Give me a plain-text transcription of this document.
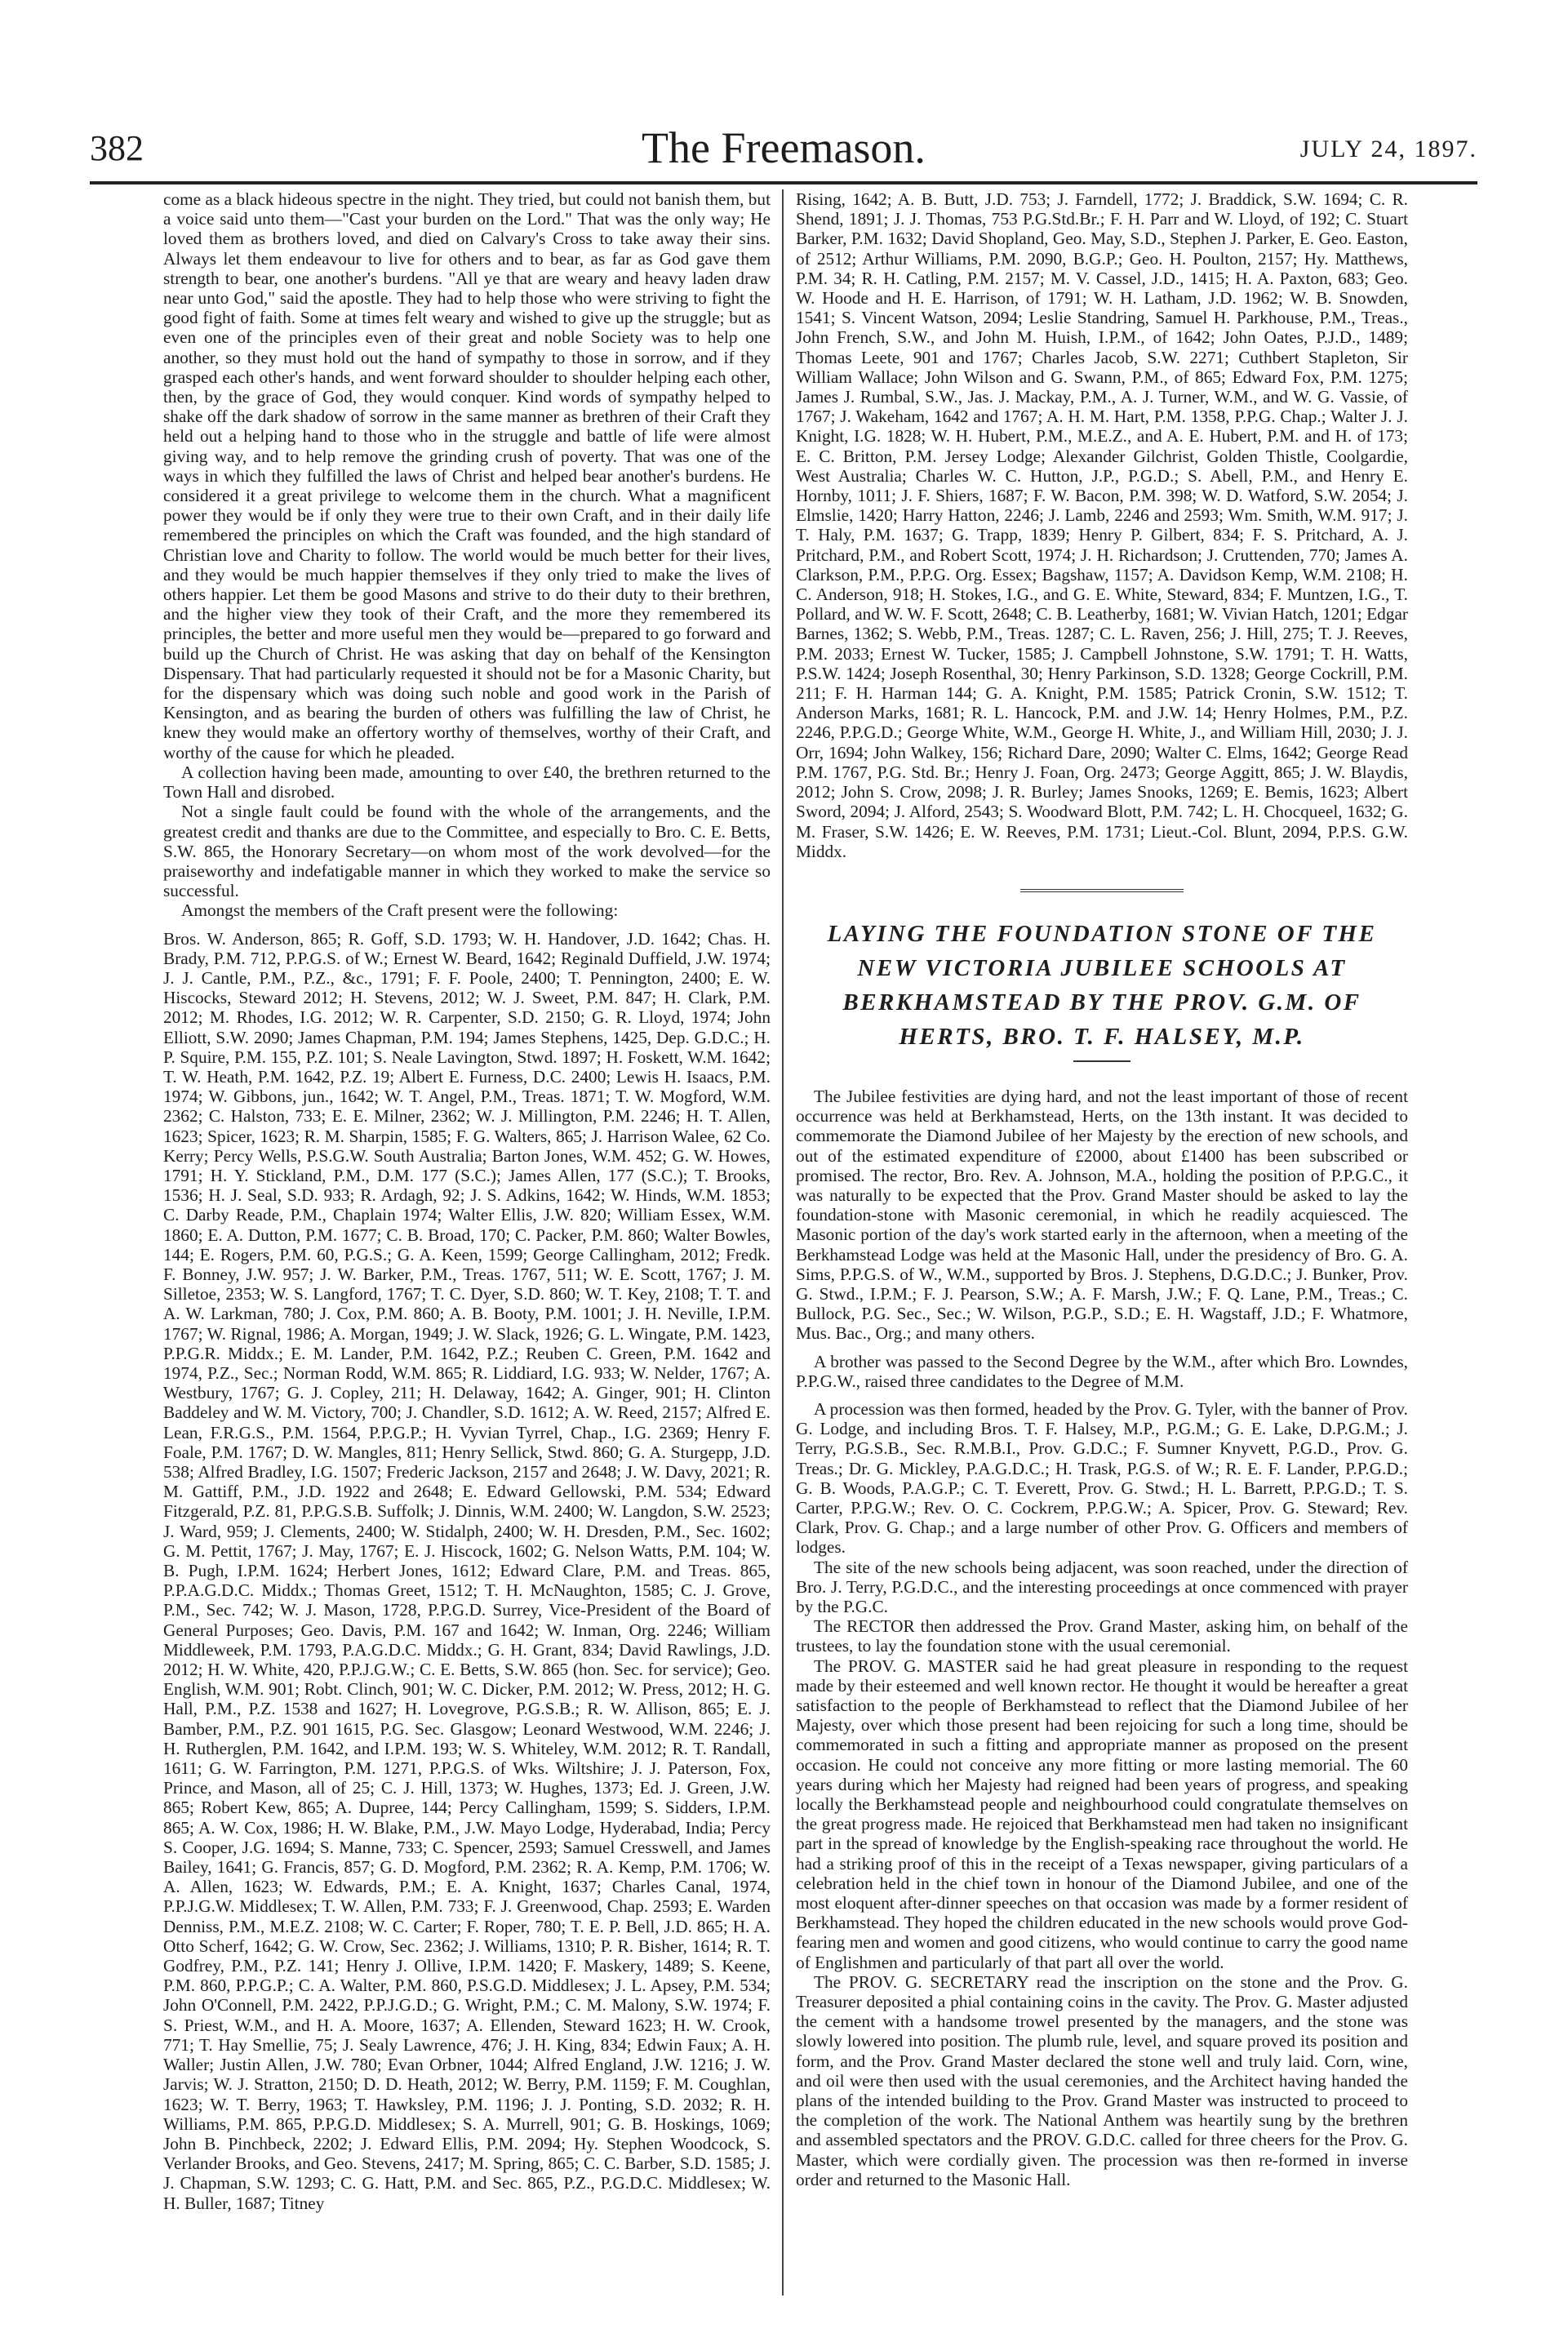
382	The Freemason.	JULY 24, 1897.

come as a black hideous spectre in the night. They tried, but could not banish them, but a voice said unto them—"Cast your burden on the Lord." That was the only way; He loved them as brothers loved, and died on Calvary's Cross to take away their sins. Always let them endeavour to live for others and to bear, as far as God gave them strength to bear, one another's burdens. "All ye that are weary and heavy laden draw near unto God," said the apostle. They had to help those who were striving to fight the good fight of faith. Some at times felt weary and wished to give up the struggle; but as even one of the principles even of their great and noble Society was to help one another, so they must hold out the hand of sympathy to those in sorrow, and if they grasped each other's hands, and went forward shoulder to shoulder helping each other, then, by the grace of God, they would conquer. Kind words of sympathy helped to shake off the dark shadow of sorrow in the same manner as brethren of their Craft they held out a helping hand to those who in the struggle and battle of life were almost giving way, and to help remove the grinding crush of poverty. That was one of the ways in which they fulfilled the laws of Christ and helped bear another's burdens. He considered it a great privilege to welcome them in the church. What a magnificent power they would be if only they were true to their own Craft, and in their daily life remembered the principles on which the Craft was founded, and the high standard of Christian love and Charity to follow. The world would be much better for their lives, and they would be much happier themselves if they only tried to make the lives of others happier. Let them be good Masons and strive to do their duty to their brethren, and the higher view they took of their Craft, and the more they remembered its principles, the better and more useful men they would be—prepared to go forward and build up the Church of Christ. He was asking that day on behalf of the Kensington Dispensary. That had particularly requested it should not be for a Masonic Charity, but for the dispensary which was doing such noble and good work in the Parish of Kensington, and as bearing the burden of others was fulfilling the law of Christ, he knew they would make an offertory worthy of themselves, worthy of their Craft, and worthy of the cause for which he pleaded.

A collection having been made, amounting to over £40, the brethren returned to the Town Hall and disrobed.

Not a single fault could be found with the whole of the arrangements, and the greatest credit and thanks are due to the Committee, and especially to Bro. C. E. Betts, S.W. 865, the Honorary Secretary—on whom most of the work devolved—for the praiseworthy and indefatigable manner in which they worked to make the service so successful.

Amongst the members of the Craft present were the following:

Bros. W. Anderson, 865; R. Goff, S.D. 1793; W. H. Handover, J.D. 1642; Chas. H. Brady, P.M. 712, P.P.G.S. of W.; Ernest W. Beard, 1642; Reginald Duffield, J.W. 1974; J. J. Cantle, P.M., P.Z., &c., 1791; F. F. Poole, 2400; T. Pennington, 2400; E. W. Hiscocks, Steward 2012; H. Stevens, 2012; W. J. Sweet, P.M. 847; H. Clark, P.M. 2012; M. Rhodes, I.G. 2012; W. R. Carpenter, S.D. 2150; G. R. Lloyd, 1974; John Elliott, S.W. 2090; James Chapman, P.M. 194; James Stephens, 1425, Dep. G.D.C.; H. P. Squire, P.M. 155, P.Z. 101; S. Neale Lavington, Stwd. 1897; H. Foskett, W.M. 1642; T. W. Heath, P.M. 1642, P.Z. 19; Albert E. Furness, D.C. 2400; Lewis H. Isaacs, P.M. 1974; W. Gibbons, jun., 1642; W. T. Angel, P.M., Treas. 1871; T. W. Mogford, W.M. 2362; C. Halston, 733; E. E. Milner, 2362; W. J. Millington, P.M. 2246; H. T. Allen, 1623; Spicer, 1623; R. M. Sharpin, 1585; F. G. Walters, 865; J. Harrison Walee, 62 Co. Kerry; Percy Wells, P.S.G.W. South Australia; Barton Jones, W.M. 452; G. W. Howes, 1791; H. Y. Stickland, P.M., D.M. 177 (S.C.); James Allen, 177 (S.C.); T. Brooks, 1536; H. J. Seal, S.D. 933; R. Ardagh, 92; J. S. Adkins, 1642; W. Hinds, W.M. 1853; C. Darby Reade, P.M., Chaplain 1974; Walter Ellis, J.W. 820; William Essex, W.M. 1860; E. A. Dutton, P.M. 1677; C. B. Broad, 170; C. Packer, P.M. 860; Walter Bowles, 144; E. Rogers, P.M. 60, P.G.S.; G. A. Keen, 1599; George Callingham, 2012; Fredk. F. Bonney, J.W. 957; J. W. Barker, P.M., Treas. 1767, 511; W. E. Scott, 1767; J. M. Silletoe, 2353; W. S. Langford, 1767; T. C. Dyer, S.D. 860; W. T. Key, 2108; T. T. and A. W. Larkman, 780; J. Cox, P.M. 860; A. B. Booty, P.M. 1001; J. H. Neville, I.P.M. 1767; W. Rignal, 1986; A. Morgan, 1949; J. W. Slack, 1926; G. L. Wingate, P.M. 1423, P.P.G.R. Middx.; E. M. Lander, P.M. 1642, P.Z.; Reuben C. Green, P.M. 1642 and 1974, P.Z., Sec.; Norman Rodd, W.M. 865; R. Liddiard, I.G. 933; W. Nelder, 1767; A. Westbury, 1767; G. J. Copley, 211; H. Delaway, 1642; A. Ginger, 901; H. Clinton Baddeley and W. M. Victory, 700; J. Chandler, S.D. 1612; A. W. Reed, 2157; Alfred E. Lean, F.R.G.S., P.M. 1564, P.P.G.P.; H. Vyvian Tyrrel, Chap., I.G. 2369; Henry F. Foale, P.M. 1767; D. W. Mangles, 811; Henry Sellick, Stwd. 860; G. A. Sturgepp, J.D. 538; Alfred Bradley, I.G. 1507; Frederic Jackson, 2157 and 2648; J. W. Davy, 2021; R. M. Gattiff, P.M., J.D. 1922 and 2648; E. Edward Gellowski, P.M. 534; Edward Fitzgerald, P.Z. 81, P.P.G.S.B. Suffolk; J. Dinnis, W.M. 2400; W. Langdon, S.W. 2523; J. Ward, 959; J. Clements, 2400; W. Stidalph, 2400; W. H. Dresden, P.M., Sec. 1602; G. M. Pettit, 1767; J. May, 1767; E. J. Hiscock, 1602; G. Nelson Watts, P.M. 104; W. B. Pugh, I.P.M. 1624; Herbert Jones, 1612; Edward Clare, P.M. and Treas. 865, P.P.A.G.D.C. Middx.; Thomas Greet, 1512; T. H. McNaughton, 1585; C. J. Grove, P.M., Sec. 742; W. J. Mason, 1728, P.P.G.D. Surrey, Vice-President of the Board of General Purposes; Geo. Davis, P.M. 167 and 1642; W. Inman, Org. 2246; William Middleweek, P.M. 1793, P.A.G.D.C. Middx.; G. H. Grant, 834; David Rawlings, J.D. 2012; H. W. White, 420, P.P.J.G.W.; C. E. Betts, S.W. 865 (hon. Sec. for service); Geo. English, W.M. 901; Robt. Clinch, 901; W. C. Dicker, P.M. 2012; W. Press, 2012; H. G. Hall, P.M., P.Z. 1538 and 1627; H. Lovegrove, P.G.S.B.; R. W. Allison, 865; E. J. Bamber, P.M., P.Z. 901 1615, P.G. Sec. Glasgow; Leonard Westwood, W.M. 2246; J. H. Rutherglen, P.M. 1642, and I.P.M. 193; W. S. Whiteley, W.M. 2012; R. T. Randall, 1611; G. W. Farrington, P.M. 1271, P.P.G.S. of Wks. Wiltshire; J. J. Paterson, Fox, Prince, and Mason, all of 25; C. J. Hill, 1373; W. Hughes, 1373; Ed. J. Green, J.W. 865; Robert Kew, 865; A. Dupree, 144; Percy Callingham, 1599; S. Sidders, I.P.M. 865; A. W. Cox, 1986; H. W. Blake, P.M., J.W. Mayo Lodge, Hyderabad, India; Percy S. Cooper, J.G. 1694; S. Manne, 733; C. Spencer, 2593; Samuel Cresswell, and James Bailey, 1641; G. Francis, 857; G. D. Mogford, P.M. 2362; R. A. Kemp, P.M. 1706; W. A. Allen, 1623; W. Edwards, P.M.; E. A. Knight, 1637; Charles Canal, 1974, P.P.J.G.W. Middlesex; T. W. Allen, P.M. 733; F. J. Greenwood, Chap. 2593; E. Warden Denniss, P.M., M.E.Z. 2108; W. C. Carter; F. Roper, 780; T. E. P. Bell, J.D. 865; H. A. Otto Scherf, 1642; G. W. Crow, Sec. 2362; J. Williams, 1310; P. R. Bisher, 1614; R. T. Godfrey, P.M., P.Z. 141; Henry J. Ollive, I.P.M. 1420; F. Maskery, 1489; S. Keene, P.M. 860, P.P.G.P.; C. A. Walter, P.M. 860, P.S.G.D. Middlesex; J. L. Apsey, P.M. 534; John O'Connell, P.M. 2422, P.P.J.G.D.; G. Wright, P.M.; C. M. Malony, S.W. 1974; F. S. Priest, W.M., and H. A. Moore, 1637; A. Ellenden, Steward 1623; H. W. Crook, 771; T. Hay Smellie, 75; J. Sealy Lawrence, 476; J. H. King, 834; Edwin Faux; A. H. Waller; Justin Allen, J.W. 780; Evan Orbner, 1044; Alfred England, J.W. 1216; J. W. Jarvis; W. J. Stratton, 2150; D. D. Heath, 2012; W. Berry, P.M. 1159; F. M. Coughlan, 1623; W. T. Berry, 1963; T. Hawksley, P.M. 1196; J. J. Ponting, S.D. 2032; R. H. Williams, P.M. 865, P.P.G.D. Middlesex; S. A. Murrell, 901; G. B. Hoskings, 1069; John B. Pinchbeck, 2202; J. Edward Ellis, P.M. 2094; Hy. Stephen Woodcock, S. Verlander Brooks, and Geo. Stevens, 2417; M. Spring, 865; C. C. Barber, S.D. 1585; J. J. Chapman, S.W. 1293; C. G. Hatt, P.M. and Sec. 865, P.Z., P.G.D.C. Middlesex; W. H. Buller, 1687; Titney

Rising, 1642; A. B. Butt, J.D. 753; J. Farndell, 1772; J. Braddick, S.W. 1694; C. R. Shend, 1891; J. J. Thomas, 753 P.G.Std.Br.; F. H. Parr and W. Lloyd, of 192; C. Stuart Barker, P.M. 1632; David Shopland, Geo. May, S.D., Stephen J. Parker, E. Geo. Easton, of 2512; Arthur Williams, P.M. 2090, B.G.P.; Geo. H. Poulton, 2157; Hy. Matthews, P.M. 34; R. H. Catling, P.M. 2157; M. V. Cassel, J.D., 1415; H. A. Paxton, 683; Geo. W. Hoode and H. E. Harrison, of 1791; W. H. Latham, J.D. 1962; W. B. Snowden, 1541; S. Vincent Watson, 2094; Leslie Standring, Samuel H. Parkhouse, P.M., Treas., John French, S.W., and John M. Huish, I.P.M., of 1642; John Oates, P.J.D., 1489; Thomas Leete, 901 and 1767; Charles Jacob, S.W. 2271; Cuthbert Stapleton, Sir William Wallace; John Wilson and G. Swann, P.M., of 865; Edward Fox, P.M. 1275; James J. Rumbal, S.W., Jas. J. Mackay, P.M., A. J. Turner, W.M., and W. G. Vassie, of 1767; J. Wakeham, 1642 and 1767; A. H. M. Hart, P.M. 1358, P.P.G. Chap.; Walter J. J. Knight, I.G. 1828; W. H. Hubert, P.M., M.E.Z., and A. E. Hubert, P.M. and H. of 173; E. C. Britton, P.M. Jersey Lodge; Alexander Gilchrist, Golden Thistle, Coolgardie, West Australia; Charles W. C. Hutton, J.P., P.G.D.; S. Abell, P.M., and Henry E. Hornby, 1011; J. F. Shiers, 1687; F. W. Bacon, P.M. 398; W. D. Watford, S.W. 2054; J. Elmslie, 1420; Harry Hatton, 2246; J. Lamb, 2246 and 2593; Wm. Smith, W.M. 917; J. T. Haly, P.M. 1637; G. Trapp, 1839; Henry P. Gilbert, 834; F. S. Pritchard, A. J. Pritchard, P.M., and Robert Scott, 1974; J. H. Richardson; J. Cruttenden, 770; James A. Clarkson, P.M., P.P.G. Org. Essex; Bagshaw, 1157; A. Davidson Kemp, W.M. 2108; H. C. Anderson, 918; H. Stokes, I.G., and G. E. White, Steward, 834; F. Muntzen, I.G., T. Pollard, and W. W. F. Scott, 2648; C. B. Leatherby, 1681; W. Vivian Hatch, 1201; Edgar Barnes, 1362; S. Webb, P.M., Treas. 1287; C. L. Raven, 256; J. Hill, 275; T. J. Reeves, P.M. 2033; Ernest W. Tucker, 1585; J. Campbell Johnstone, S.W. 1791; T. H. Watts, P.S.W. 1424; Joseph Rosenthal, 30; Henry Parkinson, S.D. 1328; George Cockrill, P.M. 211; F. H. Harman 144; G. A. Knight, P.M. 1585; Patrick Cronin, S.W. 1512; T. Anderson Marks, 1681; R. L. Hancock, P.M. and J.W. 14; Henry Holmes, P.M., P.Z. 2246, P.P.G.D.; George White, W.M., George H. White, J., and William Hill, 2030; J. J. Orr, 1694; John Walkey, 156; Richard Dare, 2090; Walter C. Elms, 1642; George Read P.M. 1767, P.G. Std. Br.; Henry J. Foan, Org. 2473; George Aggitt, 865; J. W. Blaydis, 2012; John S. Crow, 2098; J. R. Burley; James Snooks, 1269; E. Bemis, 1623; Albert Sword, 2094; J. Alford, 2543; S. Woodward Blott, P.M. 742; L. H. Chocqueel, 1632; G. M. Fraser, S.W. 1426; E. W. Reeves, P.M. 1731; Lieut.-Col. Blunt, 2094, P.P.S. G.W. Middx.

LAYING THE FOUNDATION STONE OF THE NEW VICTORIA JUBILEE SCHOOLS AT BERKHAMSTEAD BY THE PROV. G.M. OF HERTS, BRO. T. F. HALSEY, M.P.

The Jubilee festivities are dying hard, and not the least important of those of recent occurrence was held at Berkhamstead, Herts, on the 13th instant. It was decided to commemorate the Diamond Jubilee of her Majesty by the erection of new schools, and out of the estimated expenditure of £2000, about £1400 has been subscribed or promised. The rector, Bro. Rev. A. Johnson, M.A., holding the position of P.P.G.C., it was naturally to be expected that the Prov. Grand Master should be asked to lay the foundation-stone with Masonic ceremonial, in which he readily acquiesced. The Masonic portion of the day's work started early in the afternoon, when a meeting of the Berkhamstead Lodge was held at the Masonic Hall, under the presidency of Bro. G. A. Sims, P.P.G.S. of W., W.M., supported by Bros. J. Stephens, D.G.D.C.; J. Bunker, Prov. G. Stwd., I.P.M.; F. J. Pearson, S.W.; A. F. Marsh, J.W.; F. Q. Lane, P.M., Treas.; C. Bullock, P.G. Sec., Sec.; W. Wilson, P.G.P., S.D.; E. H. Wagstaff, J.D.; F. Whatmore, Mus. Bac., Org.; and many others.

A brother was passed to the Second Degree by the W.M., after which Bro. Lowndes, P.P.G.W., raised three candidates to the Degree of M.M.

A procession was then formed, headed by the Prov. G. Tyler, with the banner of Prov. G. Lodge, and including Bros. T. F. Halsey, M.P., P.G.M.; G. E. Lake, D.P.G.M.; J. Terry, P.G.S.B., Sec. R.M.B.I., Prov. G.D.C.; F. Sumner Knyvett, P.G.D., Prov. G. Treas.; Dr. G. Mickley, P.A.G.D.C.; H. Trask, P.G.S. of W.; R. E. F. Lander, P.P.G.D.; G. B. Woods, P.A.G.P.; C. T. Everett, Prov. G. Stwd.; H. L. Barrett, P.P.G.D.; T. S. Carter, P.P.G.W.; Rev. O. C. Cockrem, P.P.G.W.; A. Spicer, Prov. G. Steward; Rev. Clark, Prov. G. Chap.; and a large number of other Prov. G. Officers and members of lodges.

The site of the new schools being adjacent, was soon reached, under the direction of Bro. J. Terry, P.G.D.C., and the interesting proceedings at once commenced with prayer by the P.G.C.

The RECTOR then addressed the Prov. Grand Master, asking him, on behalf of the trustees, to lay the foundation stone with the usual ceremonial.

The PROV. G. MASTER said he had great pleasure in responding to the request made by their esteemed and well known rector. He thought it would be hereafter a great satisfaction to the people of Berkhamstead to reflect that the Diamond Jubilee of her Majesty, over which those present had been rejoicing for such a long time, should be commemorated in such a fitting and appropriate manner as proposed on the present occasion. He could not conceive any more fitting or more lasting memorial. The 60 years during which her Majesty had reigned had been years of progress, and speaking locally the Berkhamstead people and neighbourhood could congratulate themselves on the great progress made. He rejoiced that Berkhamstead men had taken no insignificant part in the spread of knowledge by the English-speaking race throughout the world. He had a striking proof of this in the receipt of a Texas newspaper, giving particulars of a celebration held in the chief town in honour of the Diamond Jubilee, and one of the most eloquent after-dinner speeches on that occasion was made by a former resident of Berkhamstead. They hoped the children educated in the new schools would prove God-fearing men and women and good citizens, who would continue to carry the good name of Englishmen and particularly of that part all over the world.

The PROV. G. SECRETARY read the inscription on the stone and the Prov. G. Treasurer deposited a phial containing coins in the cavity. The Prov. G. Master adjusted the cement with a handsome trowel presented by the managers, and the stone was slowly lowered into position. The plumb rule, level, and square proved its position and form, and the Prov. Grand Master declared the stone well and truly laid. Corn, wine, and oil were then used with the usual ceremonies, and the Architect having handed the plans of the intended building to the Prov. Grand Master was instructed to proceed to the completion of the work. The National Anthem was heartily sung by the brethren and assembled spectators and the PROV. G.D.C. called for three cheers for the Prov. G. Master, which were cordially given. The procession was then re-formed in inverse order and returned to the Masonic Hall.
